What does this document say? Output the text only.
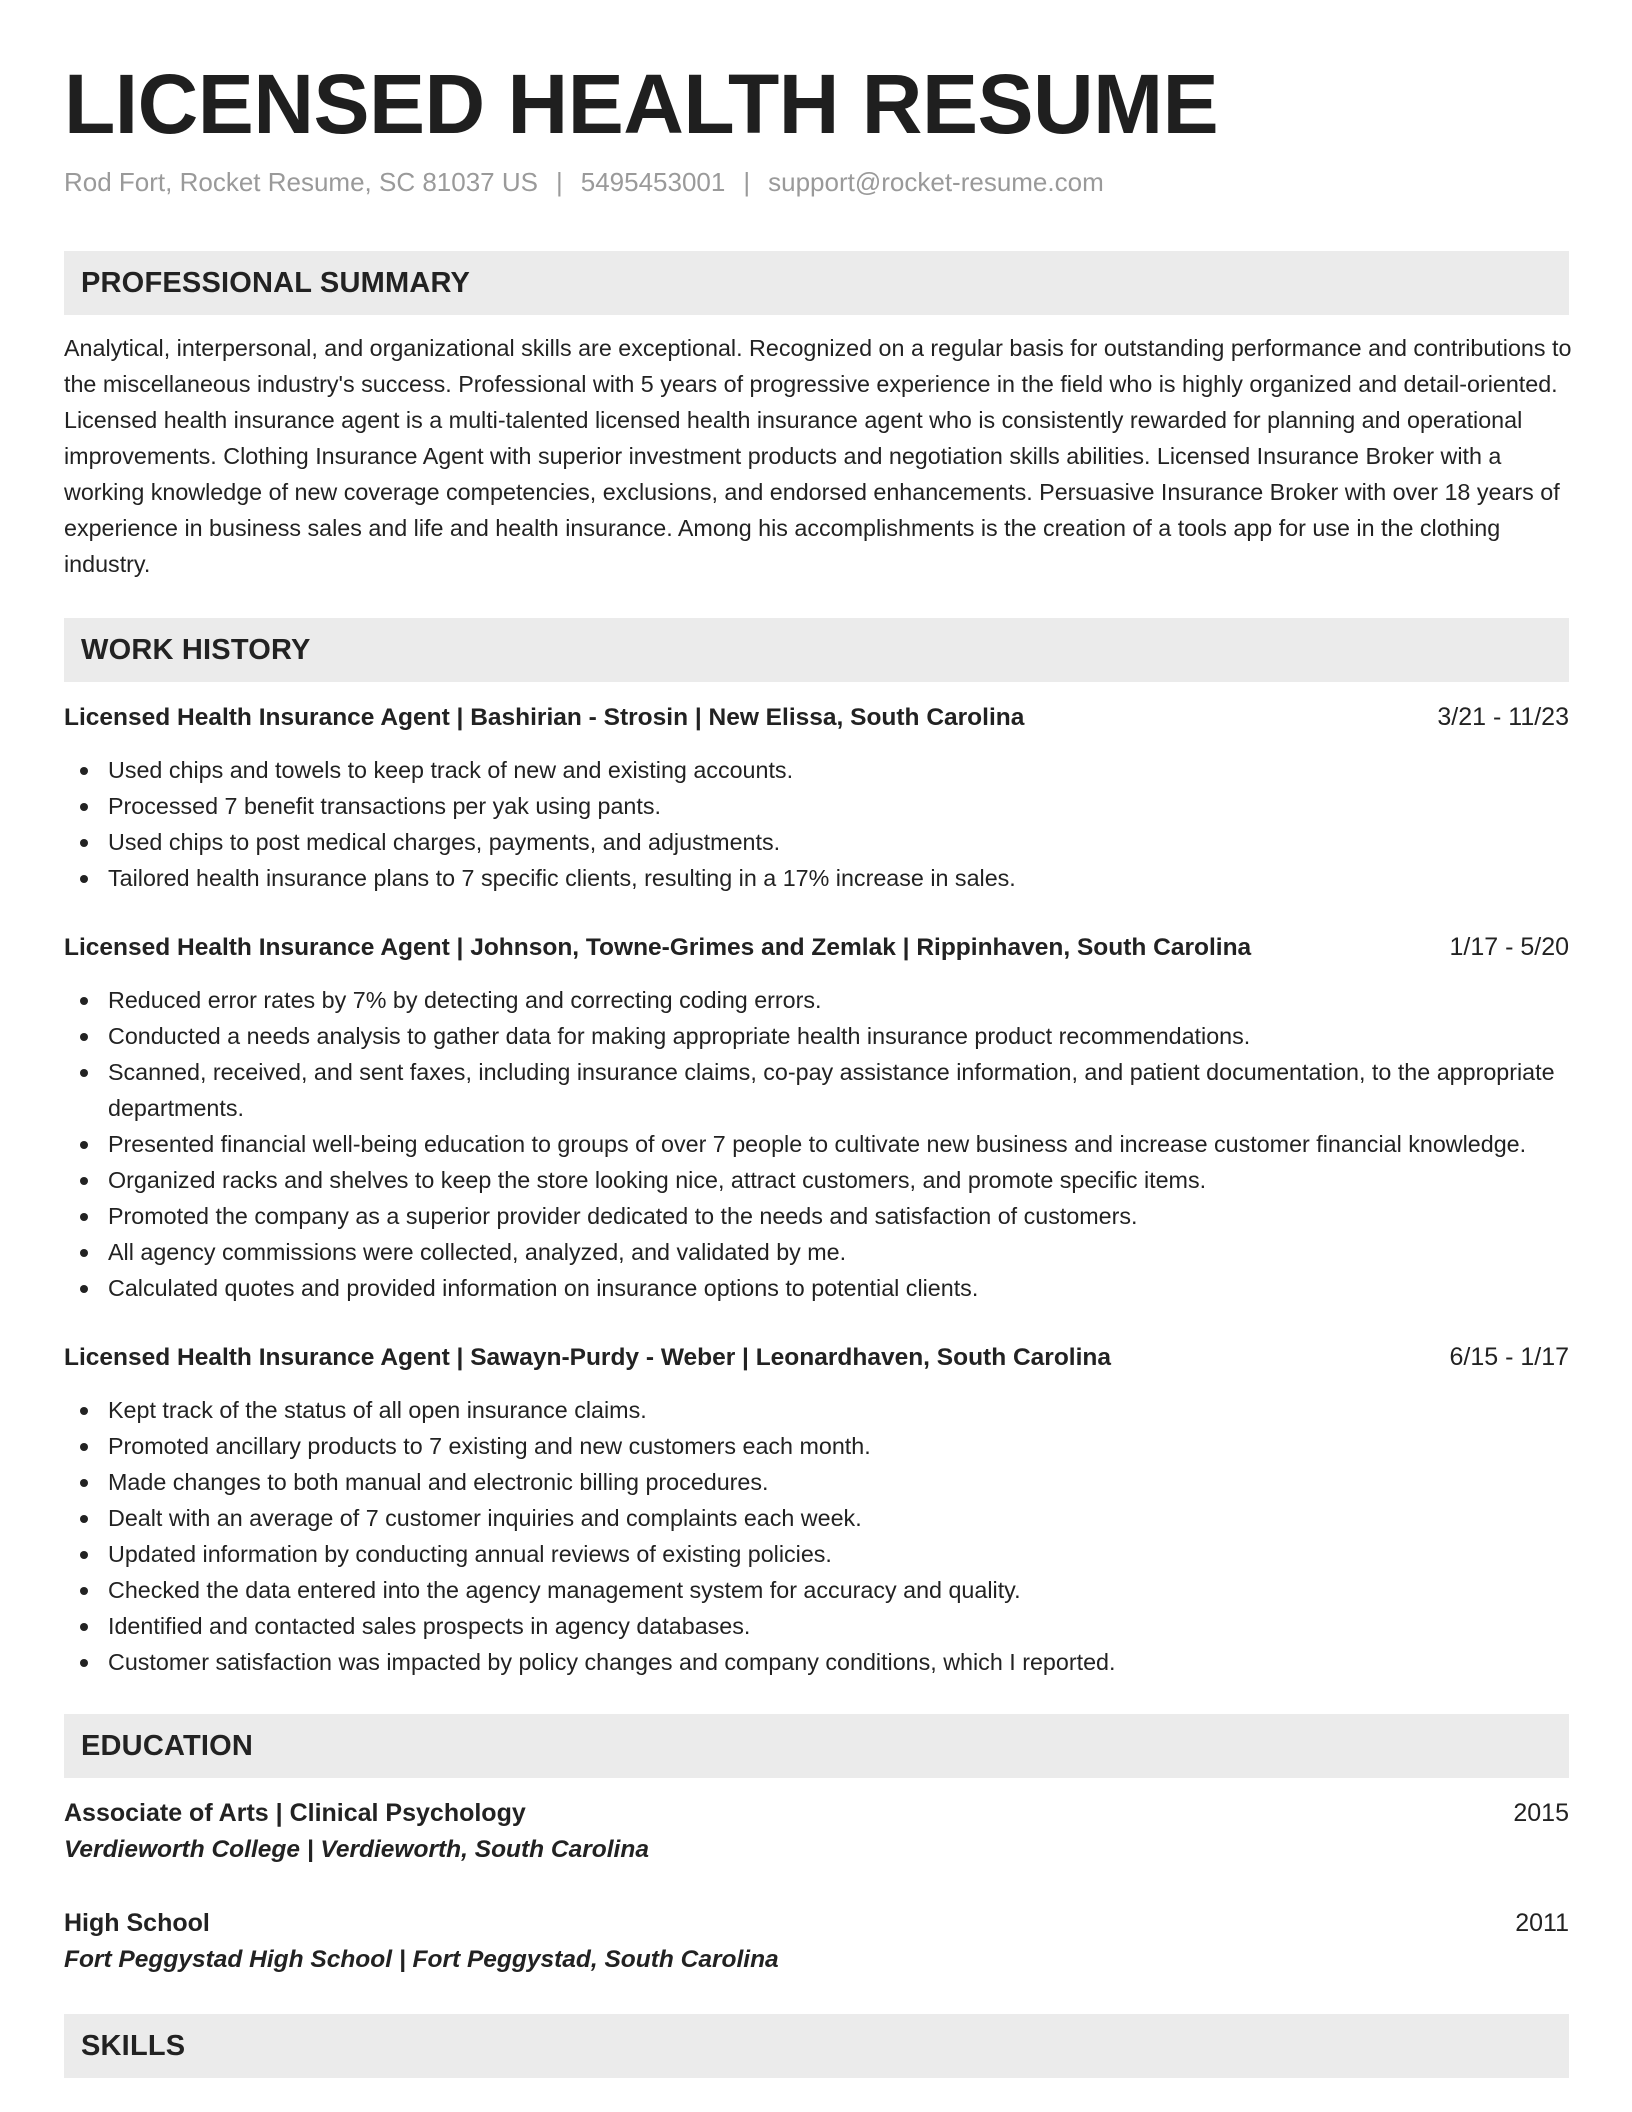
LICENSED HEALTH RESUME
Rod Fort, Rocket Resume, SC 81037 US | 5495453001 | support@rocket-resume.com
PROFESSIONAL SUMMARY

Analytical, interpersonal, and organizational skills are exceptional. Recognized on a regular basis for outstanding performance and contributions to the miscellaneous industry's success. Professional with 5 years of progressive experience in the field who is highly organized and detail-oriented. Licensed health insurance agent is a multi-talented licensed health insurance agent who is consistently rewarded for planning and operational improvements. Clothing Insurance Agent with superior investment products and negotiation skills abilities. Licensed Insurance Broker with a working knowledge of new coverage competencies, exclusions, and endorsed enhancements. Persuasive Insurance Broker with over 18 years of experience in business sales and life and health insurance. Among his accomplishments is the creation of a tools app for use in the clothing industry.

WORK HISTORY
Licensed Health Insurance Agent | Bashirian - Strosin | New Elissa, South Carolina	3/21 - 11/23
Used chips and towels to keep track of new and existing accounts.
Processed 7 benefit transactions per yak using pants.
Used chips to post medical charges, payments, and adjustments.
Tailored health insurance plans to 7 specific clients, resulting in a 17% increase in sales.
Licensed Health Insurance Agent | Johnson, Towne-Grimes and Zemlak | Rippinhaven, South Carolina	1/17 - 5/20
Reduced error rates by 7% by detecting and correcting coding errors.
Conducted a needs analysis to gather data for making appropriate health insurance product recommendations.
Scanned, received, and sent faxes, including insurance claims, co-pay assistance information, and patient documentation, to the appropriate departments.
Presented financial well-being education to groups of over 7 people to cultivate new business and increase customer financial knowledge.
Organized racks and shelves to keep the store looking nice, attract customers, and promote specific items.
Promoted the company as a superior provider dedicated to the needs and satisfaction of customers.
All agency commissions were collected, analyzed, and validated by me.
Calculated quotes and provided information on insurance options to potential clients.
Licensed Health Insurance Agent | Sawayn-Purdy - Weber | Leonardhaven, South Carolina	6/15 - 1/17
Kept track of the status of all open insurance claims.
Promoted ancillary products to 7 existing and new customers each month.
Made changes to both manual and electronic billing procedures.
Dealt with an average of 7 customer inquiries and complaints each week.
Updated information by conducting annual reviews of existing policies.
Checked the data entered into the agency management system for accuracy and quality.
Identified and contacted sales prospects in agency databases.
Customer satisfaction was impacted by policy changes and company conditions, which I reported.
EDUCATION
Associate of Arts | Clinical Psychology	2015
Verdieworth College | Verdieworth, South Carolina
High School	2011
Fort Peggystad High School | Fort Peggystad, South Carolina
SKILLS
